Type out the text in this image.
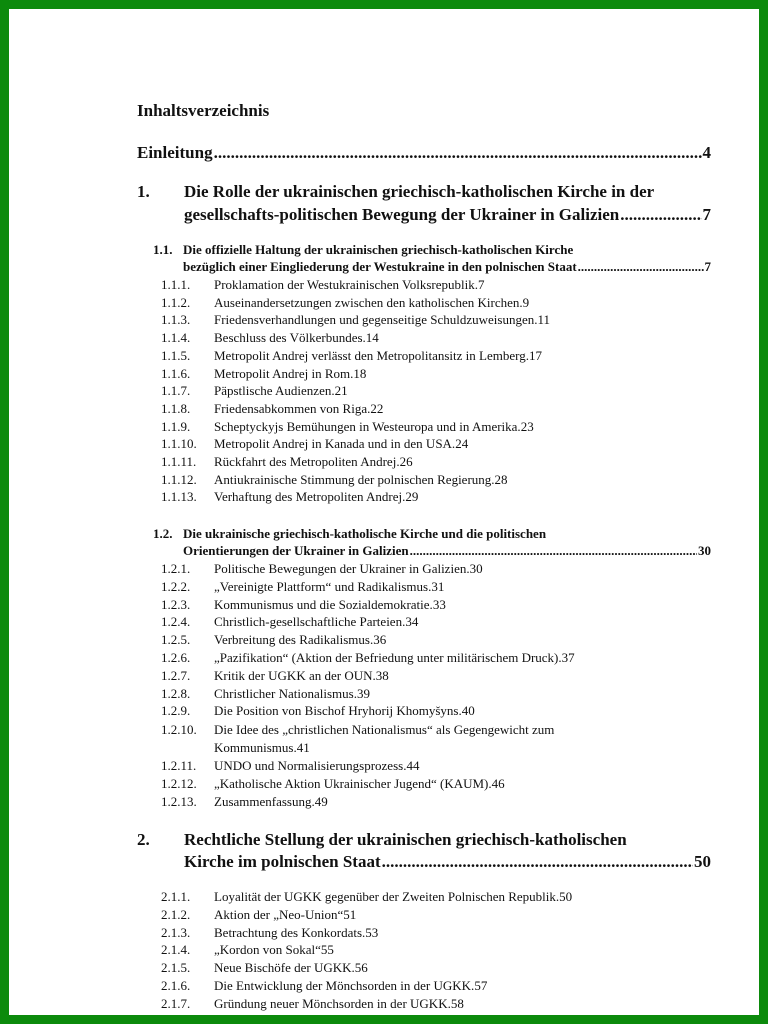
Inhaltsverzeichnis
Einleitung .....	4
1. Die Rolle der ukrainischen griechisch-katholischen Kirche in der
gesellschafts-politischen Bewegung der Ukrainer in Galizien .....	7
1.1. Die offizielle Haltung der ukrainischen griechisch-katholischen Kirche
bezüglich einer Eingliederung der Westukraine in den polnischen Staat .....	7
1.1.1. Proklamation der Westukrainischen Volksrepublik. 7
1.1.2. Auseinandersetzungen zwischen den katholischen Kirchen. 9
1.1.3. Friedensverhandlungen und gegenseitige Schuldzuweisungen. 11
1.1.4. Beschluss des Völkerbundes. 14
1.1.5. Metropolit Andrej verlässt den Metropolitansitz in Lemberg. 17
1.1.6. Metropolit Andrej in Rom. 18
1.1.7. Päpstlische Audienzen. 21
1.1.8. Friedensabkommen von Riga. 22
1.1.9. Scheptyckyjs Bemühungen in Westeuropa und in Amerika. 23
1.1.10. Metropolit Andrej in Kanada und in den USA. 24
1.1.11. Rückfahrt des Metropoliten Andrej. 26
1.1.12. Antiukrainische Stimmung der polnischen Regierung. 28
1.1.13. Verhaftung des Metropoliten Andrej. 29
1.2. Die ukrainische griechisch-katholische Kirche und die politischen
Orientierungen der Ukrainer in Galizien .....	30
1.2.1. Politische Bewegungen der Ukrainer in Galizien. 30
1.2.2. „Vereinigte Plattform“ und Radikalismus. 31
1.2.3. Kommunismus und die Sozialdemokratie. 33
1.2.4. Christlich-gesellschaftliche Parteien. 34
1.2.5. Verbreitung des Radikalismus. 36
1.2.6. „Pazifikation“ (Aktion der Befriedung unter militärischem Druck). 37
1.2.7. Kritik der UGKK an der OUN. 38
1.2.8. Christlicher Nationalismus. 39
1.2.9. Die Position von Bischof Hryhorij Khomyšyns. 40
1.2.10. Die Idee des „christlichen Nationalismus“ als Gegengewicht zum
Kommunismus. 41
1.2.11. UNDO und Normalisierungsprozess. 44
1.2.12. „Katholische Aktion Ukrainischer Jugend“ (KAUM). 46
1.2.13. Zusammenfassung. 49
2. Rechtliche Stellung der ukrainischen griechisch-katholischen
Kirche im polnischen Staat .....	50
2.1.1. Loyalität der UGKK gegenüber der Zweiten Polnischen Republik. 50
2.1.2. Aktion der „Neo-Union“ 51
2.1.3. Betrachtung des Konkordats. 53
2.1.4. „Kordon von Sokal“ 55
2.1.5. Neue Bischöfe der UGKK. 56
2.1.6. Die Entwicklung der Mönchsorden in der UGKK. 57
2.1.7. Gründung neuer Mönchsorden in der UGKK. 58
